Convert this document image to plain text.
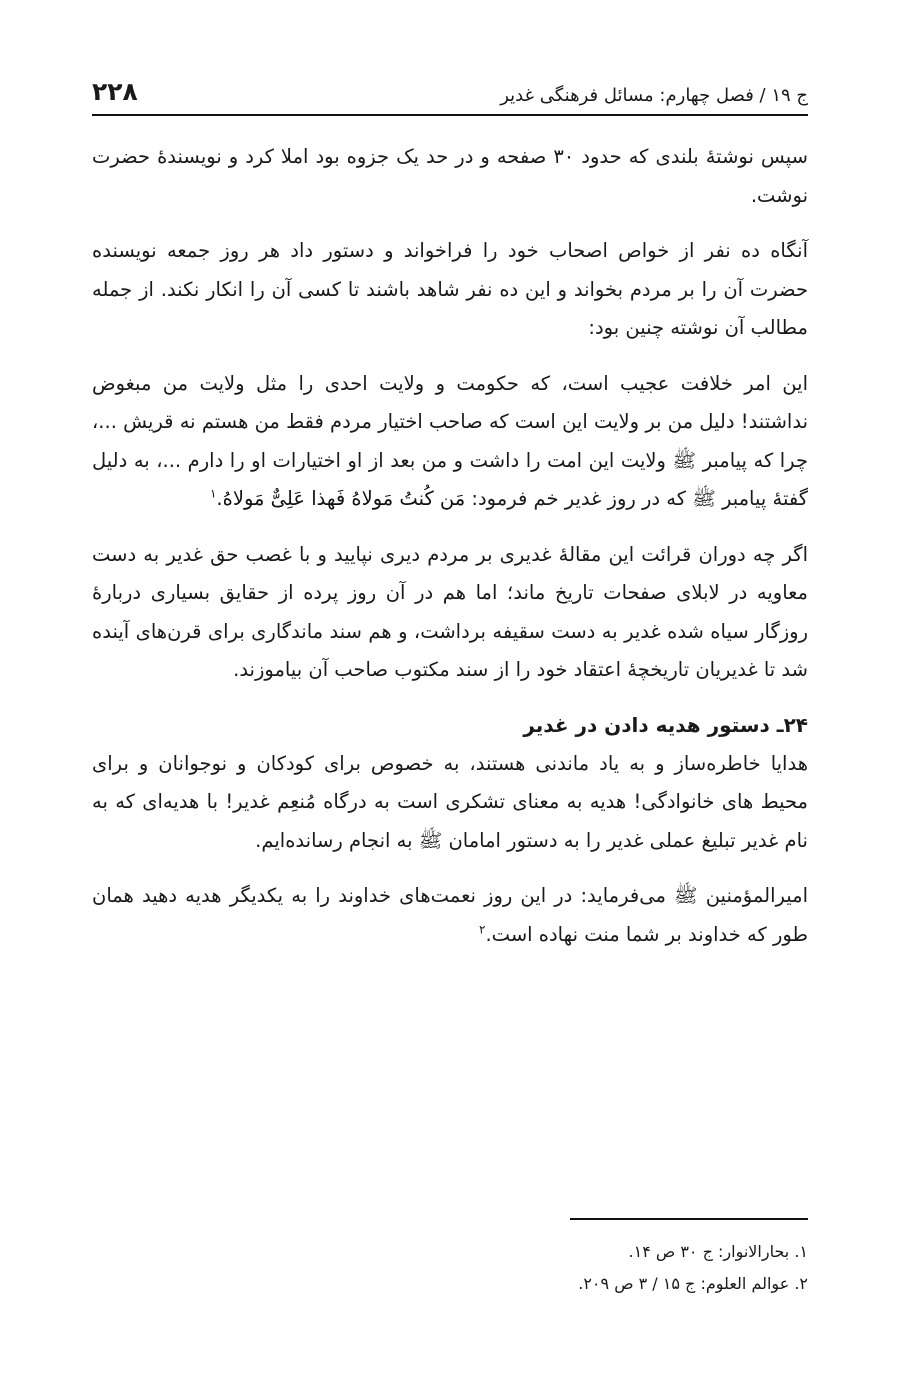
ج ۱۹ / فصل چهارم: مسائل فرهنگی غدیر
۲۲۸

سپس نوشتهٔ بلندی که حدود ۳۰ صفحه و در حد یک جزوه بود املا کرد و نویسندهٔ حضرت نوشت.

آنگاه ده نفر از خواص اصحاب خود را فراخواند و دستور داد هر روز جمعه نویسنده حضرت آن را بر مردم بخواند و این ده نفر شاهد باشند تا کسی آن را انکار نکند. از جمله مطالب آن نوشته چنین بود:

این امر خلافت عجیب است، که حکومت و ولایت احدی را مثل ولایت من مبغوض نداشتند! دلیل من بر ولایت این است که صاحب اختیار مردم فقط من هستم نه قریش ...، چرا که پیامبر ﷺ ولایت این امت را داشت و من بعد از او اختیارات او را دارم ...، به دلیل گفتهٔ پیامبر ﷺ که در روز غدیر خم فرمود: مَن کُنتُ مَولاهُ فَهذا عَلِیٌّ مَولاهُ.$^۱$

اگر چه دوران قرائت این مقالهٔ غدیری بر مردم دیری نپایید و با غصب حق غدیر به دست معاویه در لابلای صفحات تاریخ ماند؛ اما هم در آن روز پرده از حقایق بسیاری دربارهٔ روزگار سیاه شده غدیر به دست سقیفه برداشت، و هم سند ماندگاری برای قرن‌های آینده شد تا غدیریان تاریخچهٔ اعتقاد خود را از سند مکتوب صاحب آن بیاموزند.

۲۴ـ دستور هدیه دادن در غدیر

هدایا خاطره‌ساز و به یاد ماندنی هستند، به خصوص برای کودکان و نوجوانان و برای محیط های خانوادگی! هدیه به معنای تشکری است به درگاه مُنعِم غدیر! با هدیه‌ای که به نام غدیر تبلیغ عملی غدیر را به دستور امامان ﷺ به انجام رسانده‌ایم.

امیرالمؤمنین ﷺ می‌فرماید: در این روز نعمت‌های خداوند را به یکدیگر هدیه دهید همان طور که خداوند بر شما منت نهاده است.$^۲$

۱. بحارالانوار: ج ۳۰ ص ۱۴.
۲. عوالم العلوم: ج ۱۵ / ۳ ص ۲۰۹.
